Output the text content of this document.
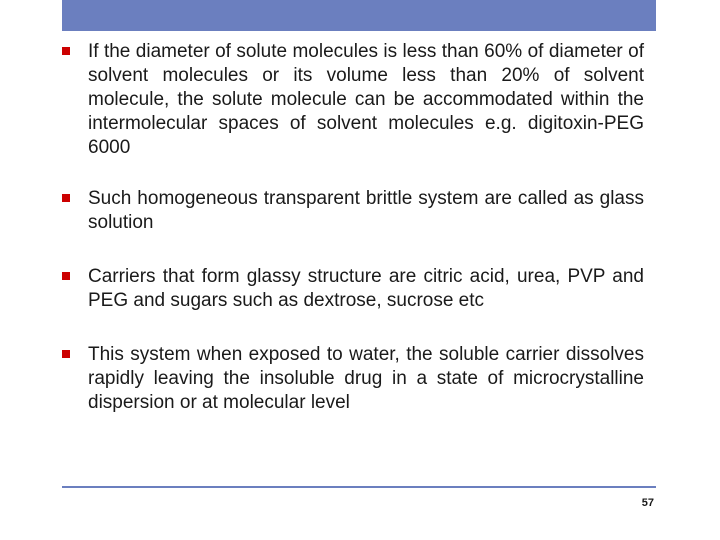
If the diameter of solute molecules is less than 60% of diameter of solvent molecules or its volume less than 20% of solvent molecule, the solute molecule can be accommodated within the intermolecular spaces of solvent molecules e.g. digitoxin-PEG 6000
Such homogeneous transparent brittle system are called as glass solution
Carriers that form glassy structure are citric acid, urea, PVP and PEG and sugars such as dextrose, sucrose etc
This system when exposed to water, the soluble carrier dissolves rapidly leaving the insoluble drug in a state of microcrystalline dispersion or at molecular level
57
